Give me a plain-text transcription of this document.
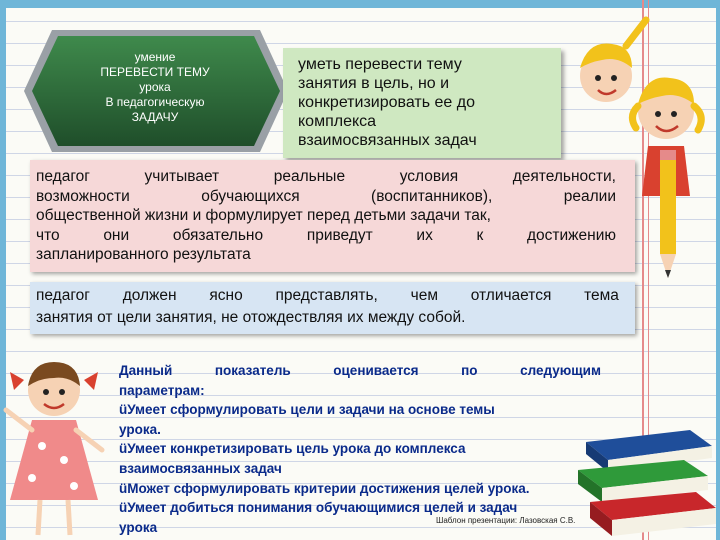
умение
ПЕРЕВЕСТИ ТЕМУ
урока
В педагогическую
ЗАДАЧУ
уметь перевести тему
занятия в цель, но и
конкретизировать ее до
комплекса
взаимосвязанных задач
педагог	учитывает	реальные	условия	деятельности,
возможности	обучающихся	(воспитанников),	реалии
общественной жизни и формулирует перед детьми задачи так,
что	они	обязательно	приведут	их	к	достижению
запланированного результата
педагог должен ясно представлять, чем отличается тема
занятия от цели занятия, не отождествляя их между собой.
Данный	показатель	оценивается	по	следующим
параметрам:
üУмеет сформулировать цели и задачи на основе темы
урока.
üУмеет конкретизировать цель урока до комплекса
взаимосвязанных задач
üМожет сформулировать критерии достижения целей урока.
üУмеет добиться понимания обучающимися целей и задач
урока	Шаблон презентации: Лазовская С.В.
